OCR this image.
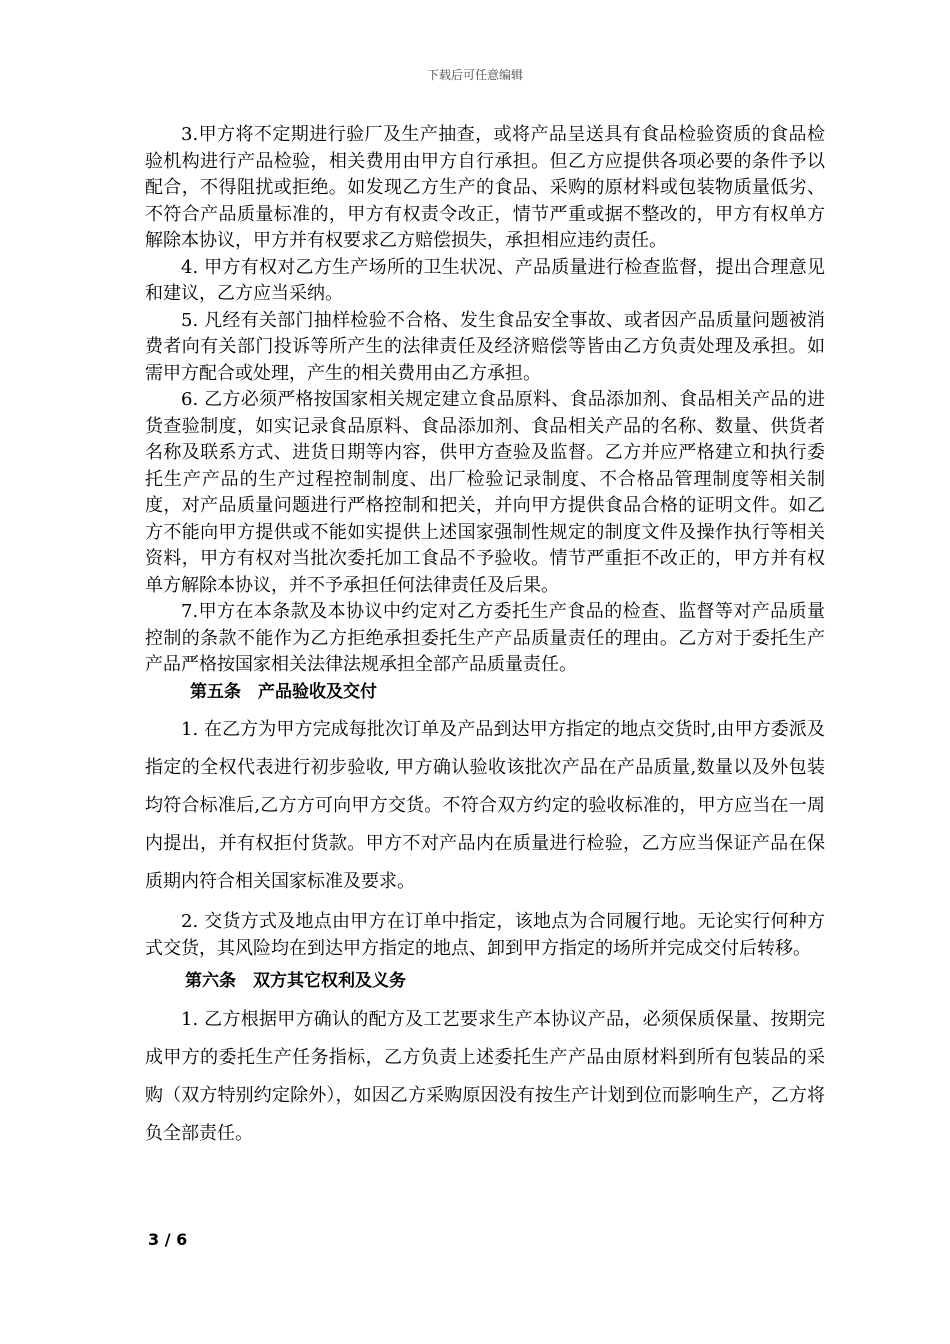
下载后可任意编辑

3.甲方将不定期进行验厂及生产抽查，或将产品呈送具有食品检验资质的食品检验机构进行产品检验，相关费用由甲方自行承担。但乙方应提供各项必要的条件予以配合，不得阻扰或拒绝。如发现乙方生产的食品、采购的原材料或包装物质量低劣、不符合产品质量标准的，甲方有权责令改正，情节严重或据不整改的，甲方有权单方解除本协议，甲方并有权要求乙方赔偿损失，承担相应违约责任。

4. 甲方有权对乙方生产场所的卫生状况、产品质量进行检查监督，提出合理意见和建议，乙方应当采纳。

5. 凡经有关部门抽样检验不合格、发生食品安全事故、或者因产品质量问题被消费者向有关部门投诉等所产生的法律责任及经济赔偿等皆由乙方负责处理及承担。如需甲方配合或处理，产生的相关费用由乙方承担。

6. 乙方必须严格按国家相关规定建立食品原料、食品添加剂、食品相关产品的进货查验制度，如实记录食品原料、食品添加剂、食品相关产品的名称、数量、供货者名称及联系方式、进货日期等内容，供甲方查验及监督。乙方并应严格建立和执行委托生产产品的生产过程控制制度、出厂检验记录制度、不合格品管理制度等相关制度，对产品质量问题进行严格控制和把关，并向甲方提供食品合格的证明文件。如乙方不能向甲方提供或不能如实提供上述国家强制性规定的制度文件及操作执行等相关资料，甲方有权对当批次委托加工食品不予验收。情节严重拒不改正的，甲方并有权单方解除本协议，并不予承担任何法律责任及后果。

7.甲方在本条款及本协议中约定对乙方委托生产食品的检查、监督等对产品质量控制的条款不能作为乙方拒绝承担委托生产产品质量责任的理由。乙方对于委托生产产品严格按国家相关法律法规承担全部产品质量责任。

第五条　产品验收及交付

1. 在乙方为甲方完成每批次订单及产品到达甲方指定的地点交货时,由甲方委派及指定的全权代表进行初步验收, 甲方确认验收该批次产品在产品质量,数量以及外包装均符合标准后,乙方方可向甲方交货。不符合双方约定的验收标准的，甲方应当在一周内提出，并有权拒付货款。甲方不对产品内在质量进行检验，乙方应当保证产品在保质期内符合相关国家标准及要求。

2. 交货方式及地点由甲方在订单中指定，该地点为合同履行地。无论实行何种方式交货，其风险均在到达甲方指定的地点、卸到甲方指定的场所并完成交付后转移。

第六条　双方其它权利及义务

1. 乙方根据甲方确认的配方及工艺要求生产本协议产品，必须保质保量、按期完成甲方的委托生产任务指标，乙方负责上述委托生产产品由原材料到所有包装品的采购（双方特别约定除外），如因乙方采购原因没有按生产计划到位而影响生产，乙方将负全部责任。

3 / 6
